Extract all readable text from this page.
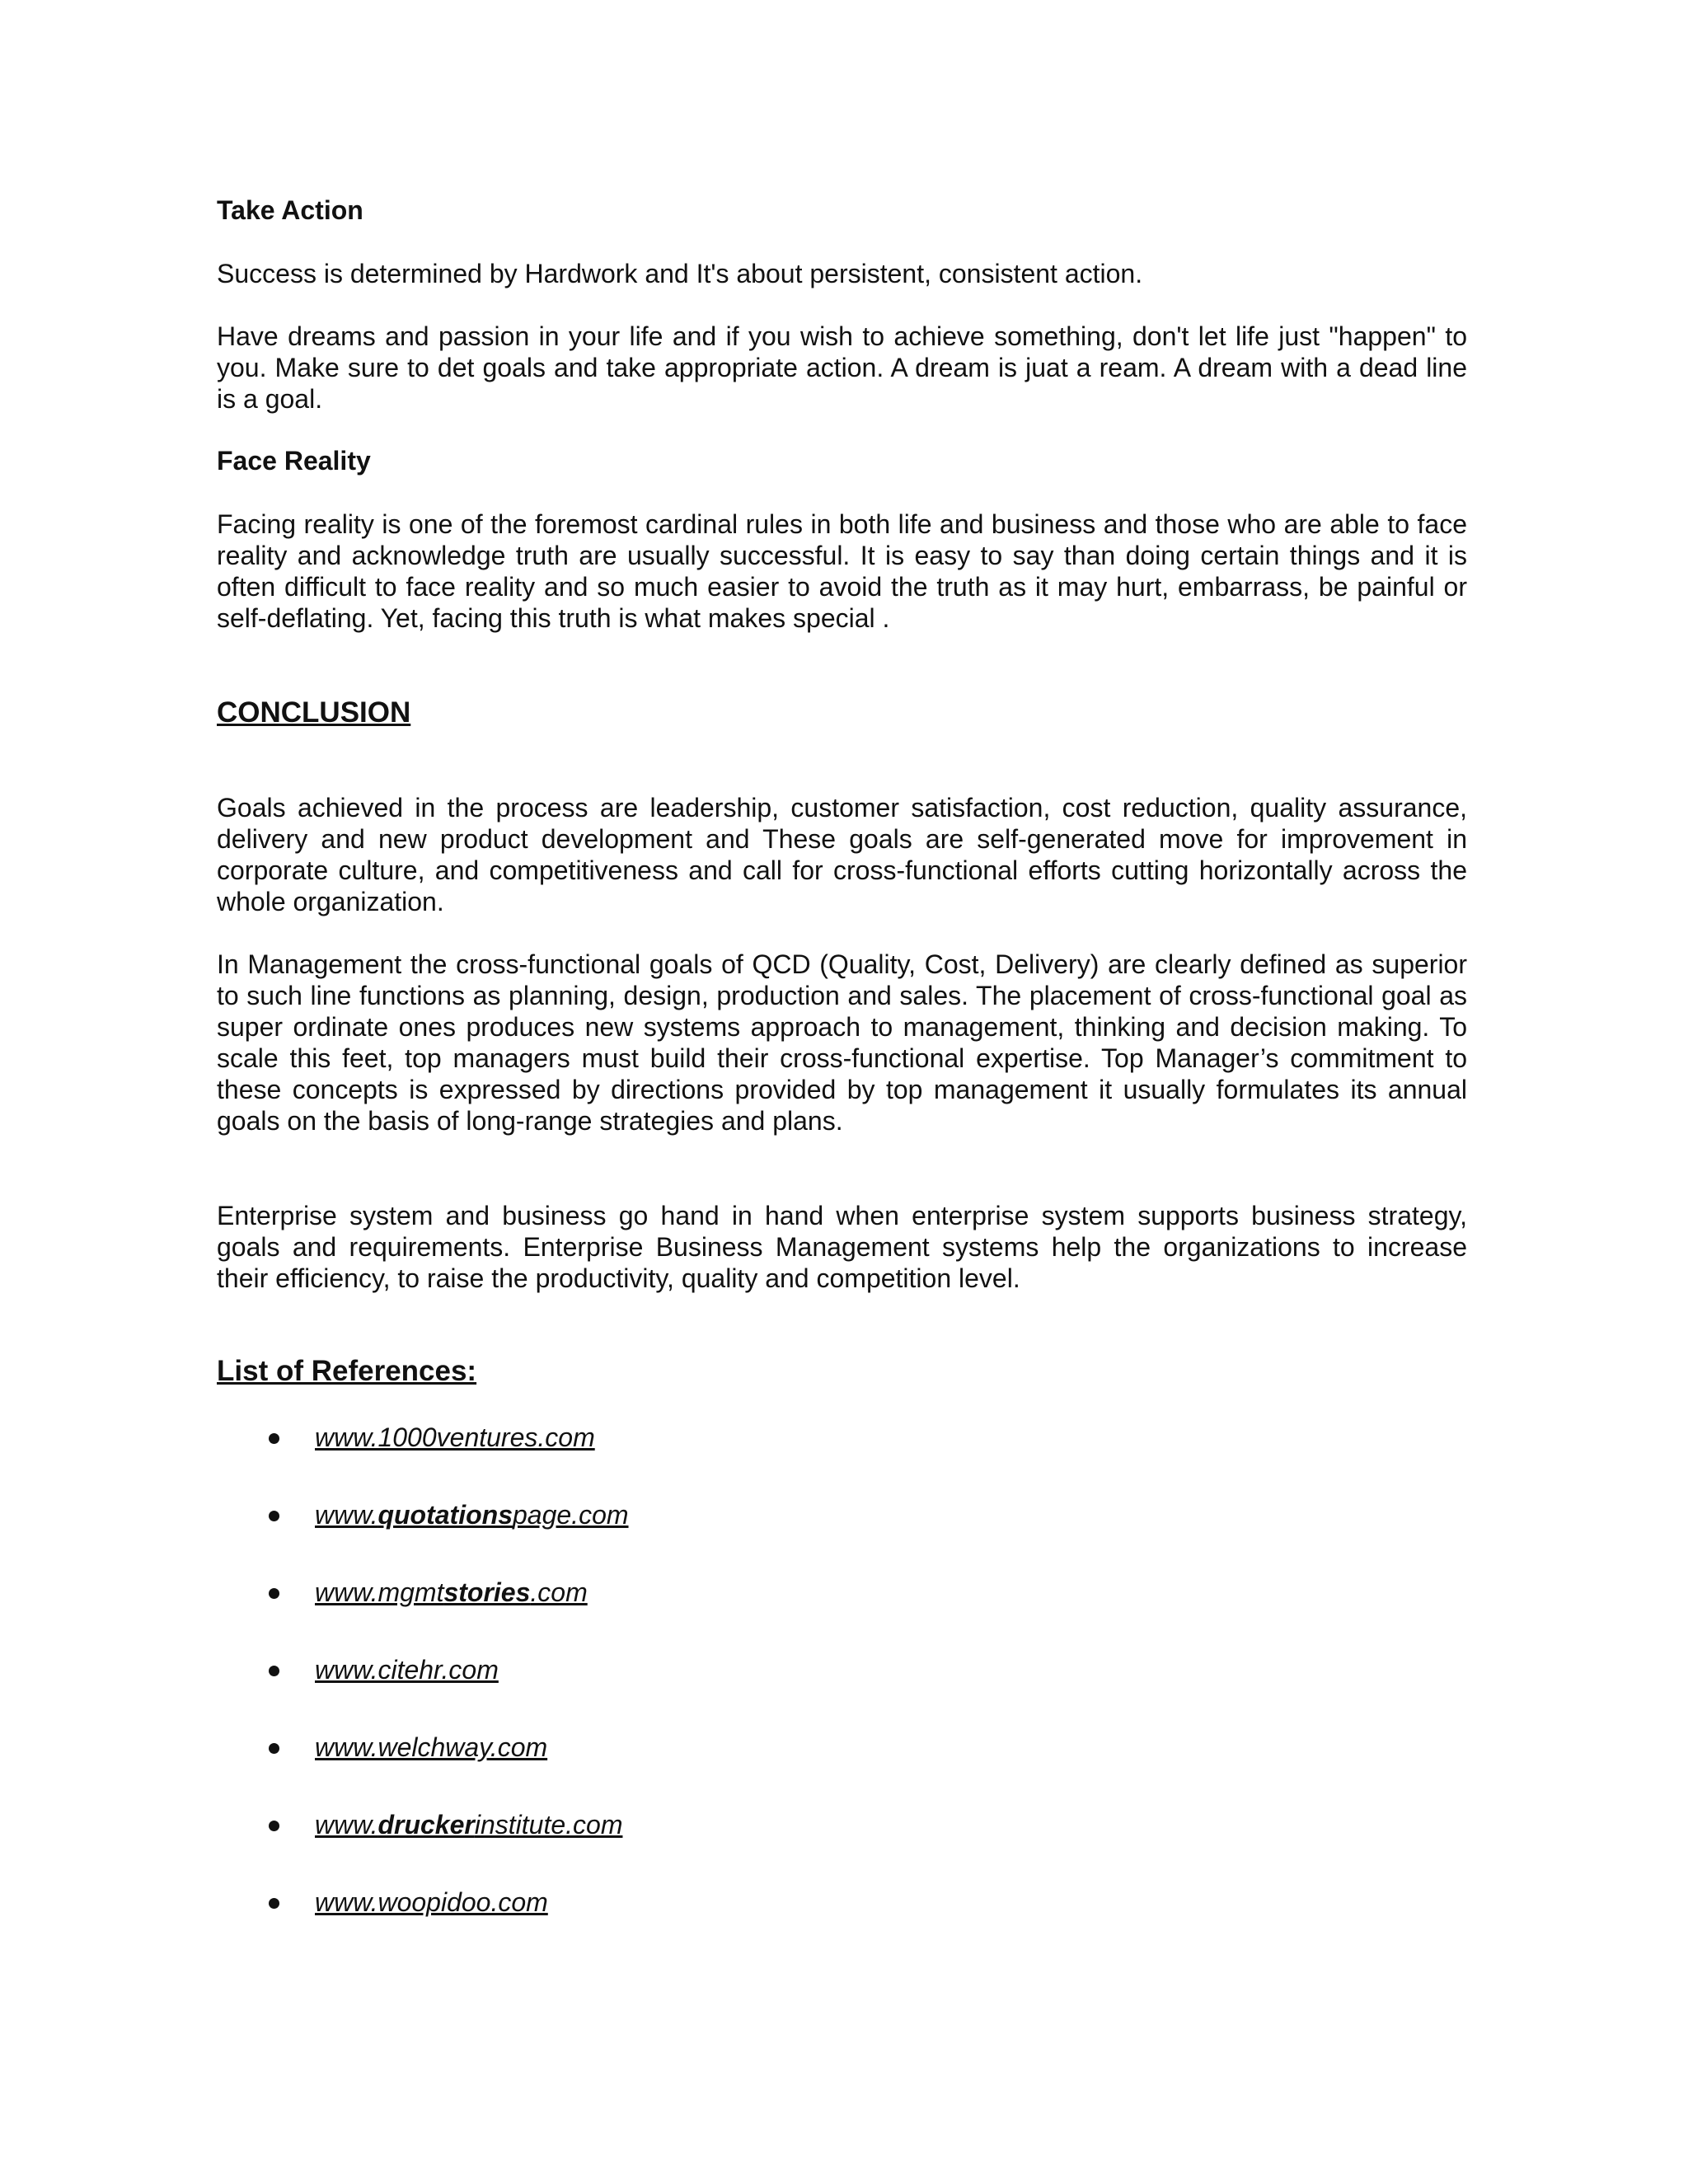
Take Action

Success is determined by Hardwork and It's about persistent, consistent action.

Have dreams and passion in your life and if you wish to achieve something, don't let life just "happen" to you. Make sure to det goals and take appropriate action. A dream is juat a ream. A dream with a dead line is a goal.

Face Reality

Facing reality is one of the foremost cardinal rules in both life and business and those who are able to face reality and acknowledge truth are usually successful. It is easy to say than doing certain things and it is often difficult to face reality and so much easier to avoid the truth as it may hurt, embarrass, be painful or self-deflating. Yet, facing this truth is what makes special .

CONCLUSION

Goals achieved in the process are leadership, customer satisfaction, cost reduction, quality assurance, delivery and new product development and These goals are self-generated move for improvement in corporate culture, and competitiveness and call for cross-functional efforts cutting horizontally across the whole organization.

In Management the cross-functional goals of QCD (Quality, Cost, Delivery) are clearly defined as superior to such line functions as planning, design, production and sales. The placement of cross-functional goal as super ordinate ones produces new systems approach to management, thinking and decision making. To scale this feet, top managers must build their cross-functional expertise. Top Manager’s commitment to these concepts is expressed by directions provided by top management it usually formulates its annual goals on the basis of long-range strategies and plans.

Enterprise system and business go hand in hand when enterprise system supports business strategy, goals and requirements. Enterprise Business Management systems help the organizations to increase their efficiency, to raise the productivity, quality and competition level.

List of References:
www.1000ventures.com
www.quotationspage.com
www.mgmtstories.com
www.citehr.com
www.welchway.com
www.druckerinstitute.com
www.woopidoo.com
